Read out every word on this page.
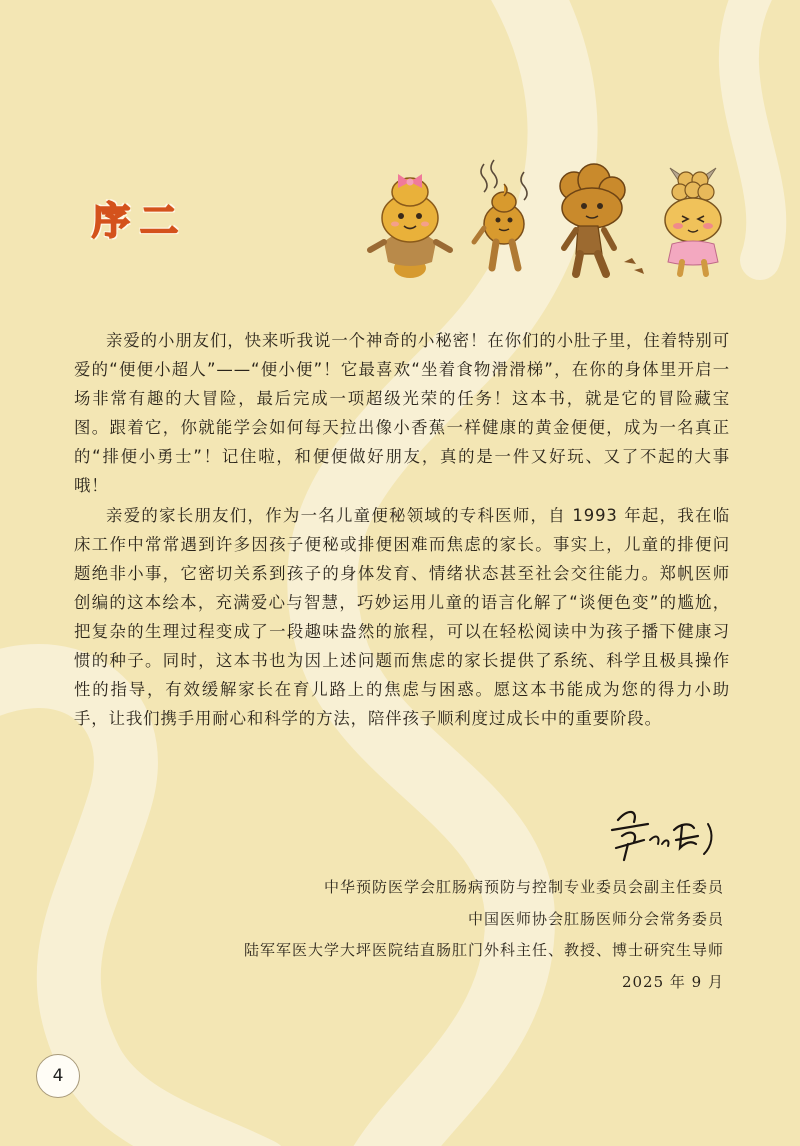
序二

亲爱的小朋友们，快来听我说一个神奇的小秘密！在你们的小肚子里，住着特别可爱的“便便小超人”——“便小便”！它最喜欢“坐着食物滑滑梯”，在你的身体里开启一场非常有趣的大冒险，最后完成一项超级光荣的任务！这本书，就是它的冒险藏宝图。跟着它，你就能学会如何每天拉出像小香蕉一样健康的黄金便便，成为一名真正的“排便小勇士”！记住啦，和便便做好朋友，真的是一件又好玩、又了不起的大事哦！

亲爱的家长朋友们，作为一名儿童便秘领域的专科医师，自 1993 年起，我在临床工作中常常遇到许多因孩子便秘或排便困难而焦虑的家长。事实上，儿童的排便问题绝非小事，它密切关系到孩子的身体发育、情绪状态甚至社会交往能力。郑帆医师创编的这本绘本，充满爱心与智慧，巧妙运用儿童的语言化解了“谈便色变”的尴尬，把复杂的生理过程变成了一段趣味盎然的旅程，可以在轻松阅读中为孩子播下健康习惯的种子。同时，这本书也为因上述问题而焦虑的家长提供了系统、科学且极具操作性的指导，有效缓解家长在育儿路上的焦虑与困惑。愿这本书能成为您的得力小助手，让我们携手用耐心和科学的方法，陪伴孩子顺利度过成长中的重要阶段。

中华预防医学会肛肠病预防与控制专业委员会副主任委员
中国医师协会肛肠医师分会常务委员
陆军军医大学大坪医院结直肠肛门外科主任、教授、博士研究生导师
2025 年 9 月
4
